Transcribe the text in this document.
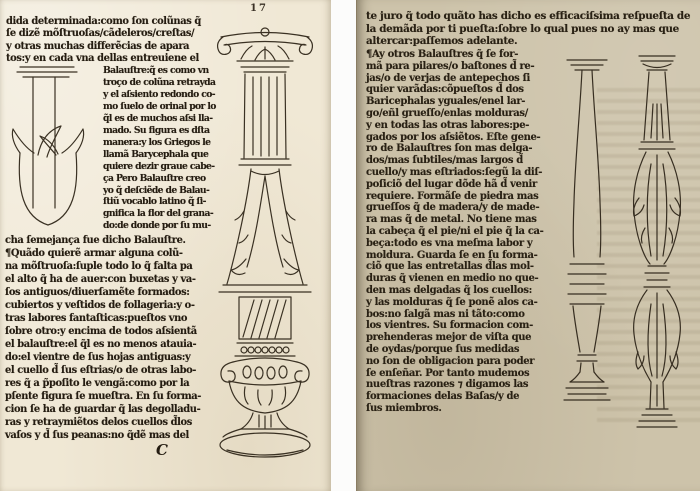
17
dida determinada:como ſon colũnas q̃
ſe dizẽ mõſtruoſas/cãdeleros/creſtas/
y otras muchas differẽcias de apara
tos:y en cada vna dellas entreuiene el
Balauſtre:q̃ es como vn
troço de colũna retrayda
y el aſsiento redondo co-
mo ſuelo de orinal por lo
q̃l es de muchos aſsi lla-
mado. Su figura es dſta
manera:y los Griegos le
llamã Barycephala que
quiere dezir graue cabe-
ça Pero Balauſtre creo
yo q̃ deſciẽde de Balau-
ſtiũ vocablo latino q̃ ſi-
gnifica la flor del grana-
do:de donde por ſu mu-
cha ſemejança fue dicho Balauſtre.
¶Quãdo quierẽ armar alguna colũ-
na mõſtruoſa:ſuple todo lo q̃ falta pa
el alto q̃ ha de auer:con buxetas y va-
ſos antiguos/diuerſamẽte formados:
cubiertos y veſtidos de follageria:y o-
tras labores fantaſticas:pueſtos vno
ſobre otro:y encima de todos aſsientã
el balauſtre:el q̃l es no menos atauia-
do:el vientre de ſus hojas antiguas:y
el cuello d̃ ſus eſtrias/o de otras labo-
res q̃ a p̃poſito le vengã:como por la
pſente figura ſe mueſtra. En ſu forma-
cion ſe ha de guardar q̃ las degolladu-
ras y retraymiẽtos delos cuellos d̃los
vaſos y d̃ ſus peanas:no q̃dẽ mas del
C
te juro q̃ todo quãto has dicho es efficaciſsima reſpueſta de
la demãda por ti pueſta:ſobre lo qual pues no ay mas que
altercar:paſſemos adelante.
¶Ay otros Balauſtres q̃ ſe for-
mã para pilares/o baſtones d̃ re-
jas/o de verjas de antepechos ſi
quier varãdas:cõpueſtos d̃ dos
Baricephalas yguales/enel lar-
go/eñl grueſſo/enlas molduras/
y en todas las otras labores:pe-
gados por los aſsiẽtos. Eſte gene-
ro de Balauſtres ſon mas delga-
dos/mas ſubtiles/mas largos d̃
cuello/y mas eſtriados:ſegũ la diſ-
poſiciõ del lugar dõde hã d̃ venir
requiere. Formãſe de piedra mas
grueſſos q̃ de madera/y de made-
ra mas q̃ de metal. No tiene mas
la cabeça q̃ el pie/ni el pie q̃ la ca-
beça:todo es vna meſma labor y
moldura. Guarda ſe en ſu forma-
ciõ que las entretallas d̃las mol-
duras q̃ vienen en medio no que-
den mas delgadas q̃ los cuellos:
y las molduras q̃ ſe ponẽ alos ca-
bos:no ſalgã mas ni tãto:como
los vientres. Su formacion com-
prehenderas mejor de viſta que
de oydas/porque ſus medidas
no ſon de obligacion para poder
ſe enſeñar. Por tanto mudemos
nueſtras razones ⁊ digamos las
formaciones delas Baſas/y de
ſus miembros.
